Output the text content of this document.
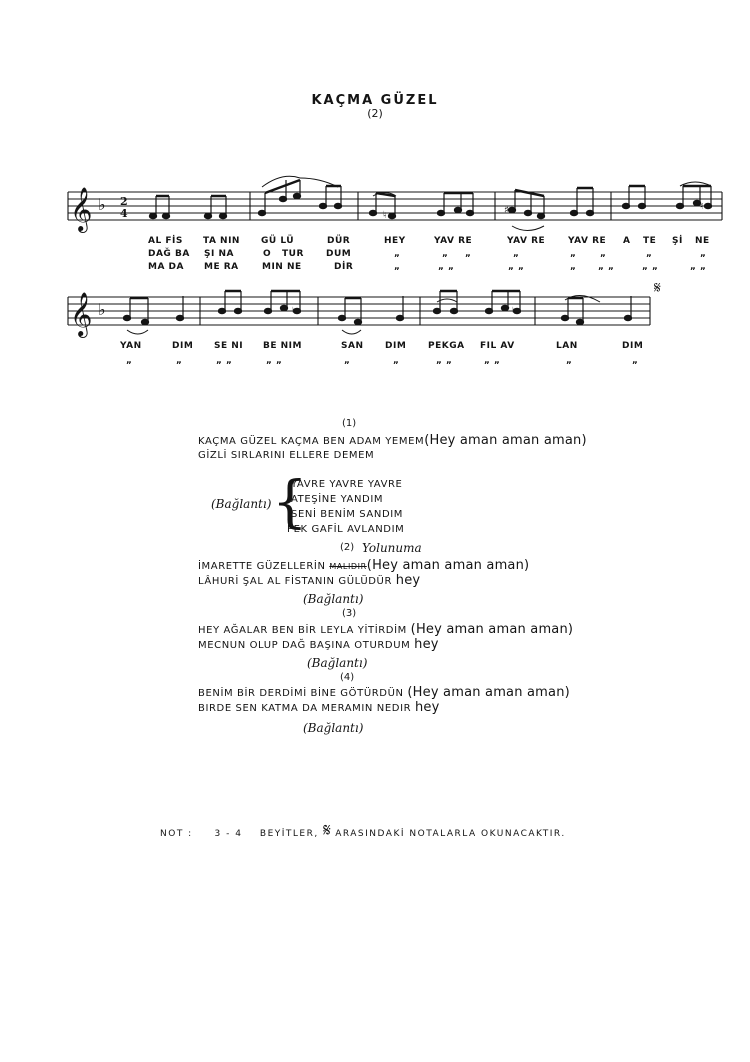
KAÇMA GÜZEL
(2)
𝄞 ♭ 2
4
𝄞 ♭
♮	♯	♮
♮	♮
𝄋
AL FİS TA NIN GÜ LÜ	DÜR	HEY	YAV RE	YAV RE	YAV RE A TE Şİ NE
DAĞ BA ŞI NA	O TUR DUM	„	„ „	„	„	„	„	„
MA DA ME RA	MIN NE	DİR	„	„ „	„ „	„ „ „	„ „	„ „
YAN	DIM SE NI BE NIM	SAN DIM PEKGA FIL AV	LAN	DIM
„	„	„ „	„ „	„	„	„ „	„ „	„	„
(1)
KAÇMA GÜZEL KAÇMA BEN ADAM YEMEM(Hey aman aman aman)
GİZLİ SIRLARINI ELLERE DEMEM
(Bağlantı) {
YAVRE YAVRE YAVRE
ATEŞİNE YANDIM
SENİ BENİM SANDIM
PEK GAFİL AVLANDIM
(2) Yolunuma
İMARETTE GÜZELLERİN MALIDIR(Hey aman aman aman)
LÂHURİ ŞAL AL FİSTANIN GÜLÜDÜR hey
(Bağlantı)
(3)
HEY AĞALAR BEN BİR LEYLA YİTİRDİM (Hey aman aman aman)
MECNUN OLUP DAĞ BAŞINA OTURDUM hey
(Bağlantı)
(4)
BENİM BİR DERDİMİ BİNE GÖTÜRDÜN (Hey aman aman aman)
BIRDE SEN KATMA DA MERAMIN NEDIR hey
(Bağlantı)
NOT : 3 - 4 BEYİTLER, 𝄋 ARASINDAKİ NOTALARLA OKUNACAKTIR.
